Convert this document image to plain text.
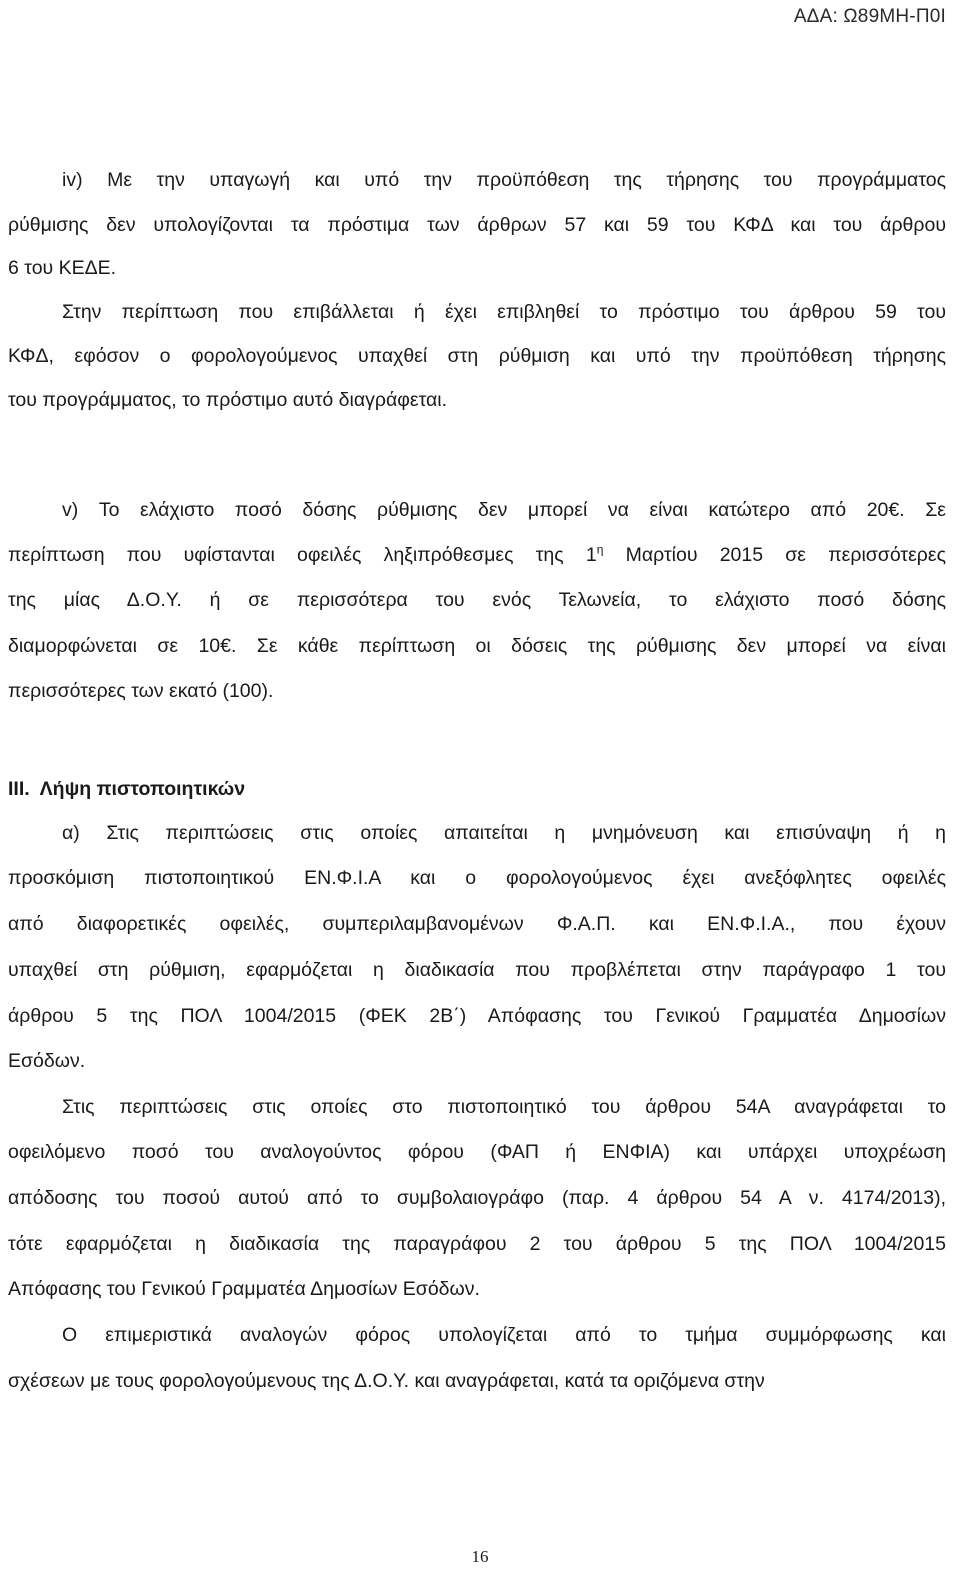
ΑΔΑ: Ω89ΜΗ-Π0Ι
iv) Με την υπαγωγή και υπό την προϋπόθεση της τήρησης του προγράμματος
ρύθμισης δεν υπολογίζονται τα πρόστιμα των άρθρων 57 και 59 του ΚΦΔ και του άρθρου
6 του ΚΕΔΕ.
Στην περίπτωση που επιβάλλεται ή έχει επιβληθεί το πρόστιμο του άρθρου 59 του
ΚΦΔ, εφόσον ο φορολογούμενος υπαχθεί στη ρύθμιση και υπό την προϋπόθεση τήρησης
του προγράμματος, το πρόστιμο αυτό διαγράφεται.
v) Το ελάχιστο ποσό δόσης ρύθμισης δεν μπορεί να είναι κατώτερο από 20€. Σε
περίπτωση που υφίστανται οφειλές ληξιπρόθεσμες της $1^\eta$ Μαρτίου 2015 σε περισσότερες
της μίας Δ.Ο.Υ. ή σε περισσότερα του ενός Τελωνεία, το ελάχιστο ποσό δόσης
διαμορφώνεται σε 10€. Σε κάθε περίπτωση οι δόσεις της ρύθμισης δεν μπορεί να είναι
περισσότερες των εκατό (100).
III. Λήψη πιστοποιητικών
α) Στις περιπτώσεις στις οποίες απαιτείται η μνημόνευση και επισύναψη ή η
προσκόμιση πιστοποιητικού ΕΝ.Φ.Ι.Α και ο φορολογούμενος έχει ανεξόφλητες οφειλές
από διαφορετικές οφειλές, συμπεριλαμβανομένων Φ.Α.Π. και ΕΝ.Φ.Ι.Α., που έχουν
υπαχθεί στη ρύθμιση, εφαρμόζεται η διαδικασία που προβλέπεται στην παράγραφο 1 του
άρθρου 5 της ΠΟΛ 1004/2015 (ΦΕΚ 2Β΄) Απόφασης του Γενικού Γραμματέα Δημοσίων
Εσόδων.
Στις περιπτώσεις στις οποίες στο πιστοποιητικό του άρθρου 54Α αναγράφεται το
οφειλόμενο ποσό του αναλογούντος φόρου (ΦΑΠ ή ΕΝΦΙΑ) και υπάρχει υποχρέωση
απόδοσης του ποσού αυτού από το συμβολαιογράφο (παρ. 4 άρθρου 54 Α ν. 4174/2013),
τότε εφαρμόζεται η διαδικασία της παραγράφου 2 του άρθρου 5 της ΠΟΛ 1004/2015
Απόφασης του Γενικού Γραμματέα Δημοσίων Εσόδων.
Ο επιμεριστικά αναλογών φόρος υπολογίζεται από το τμήμα συμμόρφωσης και
σχέσεων με τους φορολογούμενους της Δ.Ο.Υ. και αναγράφεται, κατά τα οριζόμενα στην
16
